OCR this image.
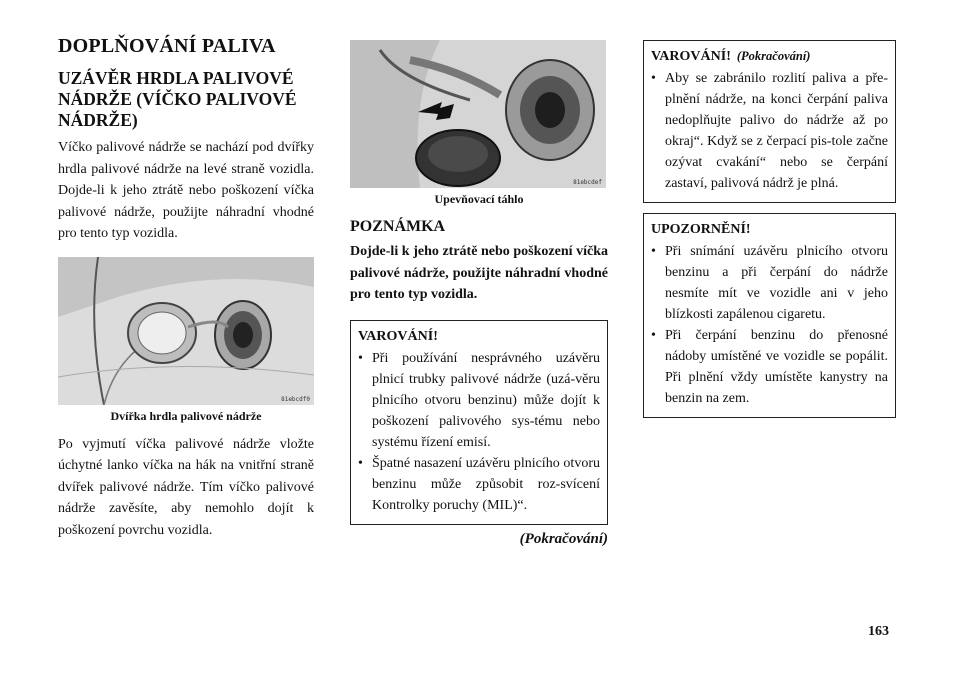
DOPLŇOVÁNÍ PALIVA
UZÁVĚR HRDLA PALIVOVÉ NÁDRŽE (VÍČKO PALIVOVÉ NÁDRŽE)

Víčko palivové nádrže se nachází pod dvířky hrdla palivové nádrže na levé straně vozidla. Dojde-li k jeho ztrátě nebo poškození víčka palivové nádrže, použijte náhradní vhodné pro tento typ vozidla.

81ebcdf0
Dvířka hrdla palivové nádrže

Po vyjmutí víčka palivové nádrže vložte úchytné lanko víčka na hák na vnitřní straně dvířek palivové nádrže. Tím víčko palivové nádrže zavěsíte, aby nemohlo dojít k poškození povrchu vozidla.

81ebcdef
Upevňovací táhlo
POZNÁMKA

Dojde-li k jeho ztrátě nebo poškození víčka palivové nádrže, použijte náhradní vhodné pro tento typ vozidla.

VAROVÁNÍ!
• Při používání nesprávného uzávěru plnicí trubky palivové nádrže (uzá-věru plnicího otvoru benzinu) může dojít k poškození palivového sys-tému nebo systému řízení emisí.
• Špatné nasazení uzávěru plnicího otvoru benzinu může způsobit roz-svícení Kontrolky poruchy (MIL)“.
(Pokračování)
VAROVÁNÍ! (Pokračování)
• Aby se zabránilo rozlití paliva a pře-plnění nádrže, na konci čerpání paliva nedoplňujte palivo do nádrže až po okraj“. Když se z čerpací pis-tole začne ozývat cvakání“ nebo se čerpání zastaví, palivová nádrž je plná.
UPOZORNĚNÍ!
• Při snímání uzávěru plnicího otvoru benzinu a při čerpání do nádrže nesmíte mít ve vozidle ani v jeho blízkosti zapálenou cigaretu.
• Při čerpání benzinu do přenosné nádoby umístěné ve vozidle se popálit. Při plnění vždy umístěte kanystry na benzin na zem.
163
